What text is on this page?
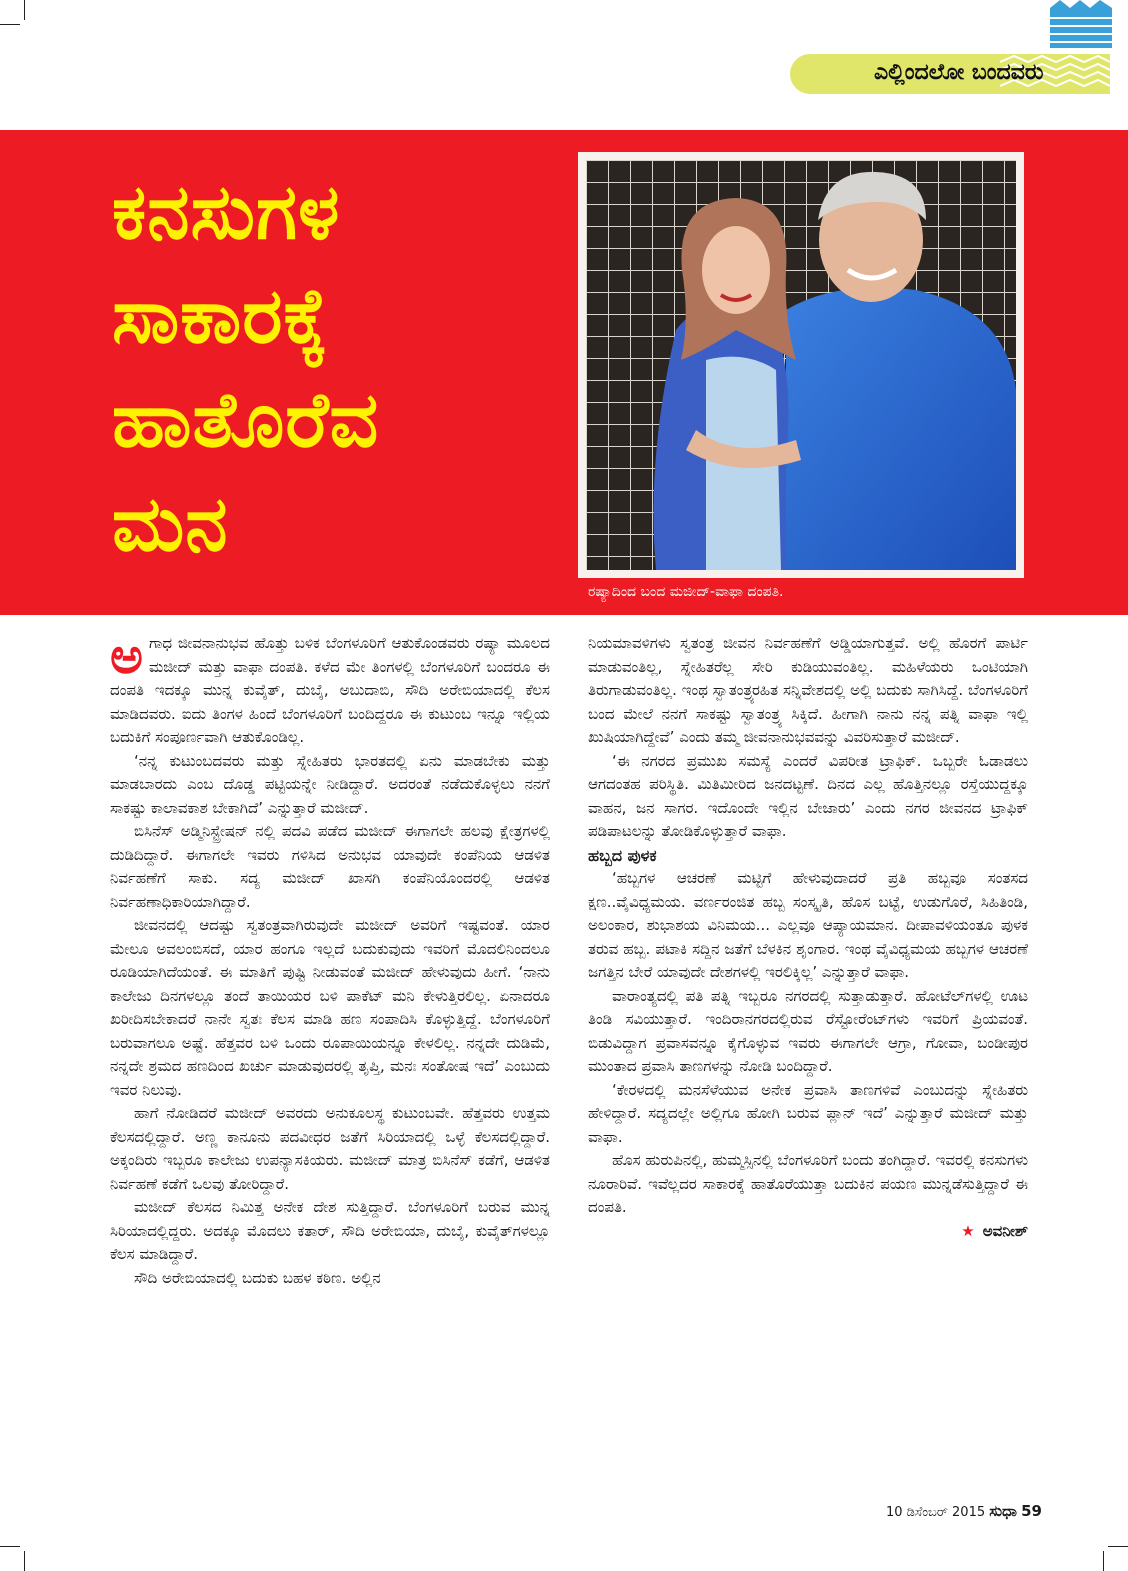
ಎಲ್ಲಿಂದಲೋ ಬಂದವರು
ಕನಸುಗಳ
ಸಾಕಾರಕ್ಕೆ
ಹಾತೊರೆವ
ಮನ
ರಷ್ಯಾದಿಂದ ಬಂದ ಮಜೀದ್-ವಾಫಾ ದಂಪತಿ.

ಅಗಾಧ ಜೀವನಾನುಭವ ಹೊತ್ತು ಬಳಿಕ ಬೆಂಗಳೂರಿಗೆ ಆತುಕೊಂಡವರು ರಷ್ಯಾ ಮೂಲದ ಮಜೀದ್ ಮತ್ತು ವಾಫಾ ದಂಪತಿ. ಕಳೆದ ಮೇ ತಿಂಗಳಲ್ಲಿ ಬೆಂಗಳೂರಿಗೆ ಬಂದರೂ ಈ ದಂಪತಿ ಇದಕ್ಕೂ ಮುನ್ನ ಕುವೈತ್, ದುಬೈ, ಅಬುದಾಬಿ, ಸೌದಿ ಅರೇಬಿಯಾದಲ್ಲಿ ಕೆಲಸ ಮಾಡಿದವರು. ಐದು ತಿಂಗಳ ಹಿಂದೆ ಬೆಂಗಳೂರಿಗೆ ಬಂದಿದ್ದರೂ ಈ ಕುಟುಂಬ ಇನ್ನೂ ಇಲ್ಲಿಯ ಬದುಕಿಗೆ ಸಂಪೂರ್ಣವಾಗಿ ಆತುಕೊಂಡಿಲ್ಲ.

‘ನನ್ನ ಕುಟುಂಬದವರು ಮತ್ತು ಸ್ನೇಹಿತರು ಭಾರತದಲ್ಲಿ ಏನು ಮಾಡಬೇಕು ಮತ್ತು ಮಾಡಬಾರದು ಎಂಬ ದೊಡ್ಡ ಪಟ್ಟಿಯನ್ನೇ ನೀಡಿದ್ದಾರೆ. ಅದರಂತೆ ನಡೆದುಕೊಳ್ಳಲು ನನಗೆ ಸಾಕಷ್ಟು ಕಾಲಾವಕಾಶ ಬೇಕಾಗಿದೆ’ ಎನ್ನುತ್ತಾರೆ ಮಜೀದ್.

ಬಿಸಿನೆಸ್ ಅಡ್ಮಿನಿಸ್ಟ್ರೇಷನ್ ನಲ್ಲಿ ಪದವಿ ಪಡೆದ ಮಜೀದ್ ಈಗಾಗಲೇ ಹಲವು ಕ್ಷೇತ್ರಗಳಲ್ಲಿ ದುಡಿದಿದ್ದಾರೆ. ಈಗಾಗಲೇ ಇವರು ಗಳಿಸಿದ ಅನುಭವ ಯಾವುದೇ ಕಂಪೆನಿಯ ಆಡಳಿತ ನಿರ್ವಹಣೆಗೆ ಸಾಕು. ಸದ್ಯ ಮಜೀದ್ ಖಾಸಗಿ ಕಂಪೆನಿಯೊಂದರಲ್ಲಿ ಆಡಳಿತ ನಿರ್ವಹಣಾಧಿಕಾರಿಯಾಗಿದ್ದಾರೆ.

ಜೀವನದಲ್ಲಿ ಆದಷ್ಟು ಸ್ವತಂತ್ರವಾಗಿರುವುದೇ ಮಜೀದ್ ಅವರಿಗೆ ಇಷ್ಟವಂತೆ. ಯಾರ ಮೇಲೂ ಅವಲಂಬಿಸದೆ, ಯಾರ ಹಂಗೂ ಇಲ್ಲದೆ ಬದುಕುವುದು ಇವರಿಗೆ ಮೊದಲಿನಿಂದಲೂ ರೂಡಿಯಾಗಿದೆಯಂತೆ. ಈ ಮಾತಿಗೆ ಪುಷ್ಟಿ ನೀಡುವಂತೆ ಮಜೀದ್ ಹೇಳುವುದು ಹೀಗೆ. ‘ನಾನು ಕಾಲೇಜು ದಿನಗಳಲ್ಲೂ ತಂದೆ ತಾಯಿಯರ ಬಳಿ ಪಾಕೆಟ್ ಮನಿ ಕೇಳುತ್ತಿರಲಿಲ್ಲ. ಏನಾದರೂ ಖರೀದಿಸಬೇಕಾದರೆ ನಾನೇ ಸ್ವತಃ ಕೆಲಸ ಮಾಡಿ ಹಣ ಸಂಪಾದಿಸಿ ಕೊಳ್ಳುತ್ತಿದ್ದೆ. ಬೆಂಗಳೂರಿಗೆ ಬರುವಾಗಲೂ ಅಷ್ಟೆ. ಹೆತ್ತವರ ಬಳಿ ಒಂದು ರೂಪಾಯಿಯನ್ನೂ ಕೇಳಲಿಲ್ಲ. ನನ್ನದೇ ದುಡಿಮೆ, ನನ್ನದೇ ಶ್ರಮದ ಹಣದಿಂದ ಖರ್ಚು ಮಾಡುವುದರಲ್ಲಿ ತೃಪ್ತಿ, ಮನಃ ಸಂತೋಷ ಇದೆ’ ಎಂಬುದು ಇವರ ನಿಲುವು.

ಹಾಗೆ ನೋಡಿದರೆ ಮಜೀದ್ ಅವರದು ಅನುಕೂಲಸ್ಥ ಕುಟುಂಬವೇ. ಹೆತ್ತವರು ಉತ್ತಮ ಕೆಲಸದಲ್ಲಿದ್ದಾರೆ. ಅಣ್ಣ ಕಾನೂನು ಪದವೀಧರ ಜತೆಗೆ ಸಿರಿಯಾದಲ್ಲಿ ಒಳ್ಳೆ ಕೆಲಸದಲ್ಲಿದ್ದಾರೆ. ಅಕ್ಕಂದಿರು ಇಬ್ಬರೂ ಕಾಲೇಜು ಉಪನ್ಯಾಸಕಿಯರು. ಮಜೀದ್ ಮಾತ್ರ ಬಿಸಿನೆಸ್ ಕಡೆಗೆ, ಆಡಳಿತ ನಿರ್ವಹಣೆ ಕಡೆಗೆ ಒಲವು ತೋರಿದ್ದಾರೆ.

ಮಜೀದ್ ಕೆಲಸದ ನಿಮಿತ್ತ ಅನೇಕ ದೇಶ ಸುತ್ತಿದ್ದಾರೆ. ಬೆಂಗಳೂರಿಗೆ ಬರುವ ಮುನ್ನ ಸಿರಿಯಾದಲ್ಲಿದ್ದರು. ಅದಕ್ಕೂ ಮೊದಲು ಕತಾರ್, ಸೌದಿ ಅರೇಬಿಯಾ, ದುಬೈ, ಕುವೈತ್‌ಗಳಲ್ಲೂ ಕೆಲಸ ಮಾಡಿದ್ದಾರೆ.

ಸೌದಿ ಅರೇಬಿಯಾದಲ್ಲಿ ಬದುಕು ಬಹಳ ಕಠಿಣ. ಅಲ್ಲಿನ

ನಿಯಮಾವಳಿಗಳು ಸ್ವತಂತ್ರ ಜೀವನ ನಿರ್ವಹಣೆಗೆ ಅಡ್ಡಿಯಾಗುತ್ತವೆ. ಅಲ್ಲಿ ಹೊರಗೆ ಪಾರ್ಟಿ ಮಾಡುವಂತಿಲ್ಲ, ಸ್ನೇಹಿತರೆಲ್ಲ ಸೇರಿ ಕುಡಿಯುವಂತಿಲ್ಲ. ಮಹಿಳೆಯರು ಒಂಟಿಯಾಗಿ ತಿರುಗಾಡುವಂತಿಲ್ಲ. ಇಂಥ ಸ್ವಾತಂತ್ರ್ಯರಹಿತ ಸನ್ನಿವೇಶದಲ್ಲಿ ಅಲ್ಲಿ ಬದುಕು ಸಾಗಿಸಿದ್ದೆ. ಬೆಂಗಳೂರಿಗೆ ಬಂದ ಮೇಲೆ ನನಗೆ ಸಾಕಷ್ಟು ಸ್ವಾತಂತ್ರ್ಯ ಸಿಕ್ಕಿದೆ. ಹೀಗಾಗಿ ನಾನು ನನ್ನ ಪತ್ನಿ ವಾಫಾ ಇಲ್ಲಿ ಖುಷಿಯಾಗಿದ್ದೇವೆ’ ಎಂದು ತಮ್ಮ ಜೀವನಾನುಭವವನ್ನು ವಿವರಿಸುತ್ತಾರೆ ಮಜೀದ್.

‘ಈ ನಗರದ ಪ್ರಮುಖ ಸಮಸ್ಯೆ ಎಂದರೆ ವಿಪರೀತ ಟ್ರಾಫಿಕ್. ಒಬ್ಬರೇ ಓಡಾಡಲು ಆಗದಂತಹ ಪರಿಸ್ಥಿತಿ. ಮಿತಿಮೀರಿದ ಜನದಟ್ಟಣೆ. ದಿನದ ಎಲ್ಲ ಹೊತ್ತಿನಲ್ಲೂ ರಸ್ತೆಯುದ್ದಕ್ಕೂ ವಾಹನ, ಜನ ಸಾಗರ. ಇದೊಂದೇ ಇಲ್ಲಿನ ಬೇಜಾರು’ ಎಂದು ನಗರ ಜೀವನದ ಟ್ರಾಫಿಕ್ ಪಡಿಪಾಟಲನ್ನು ತೋಡಿಕೊಳ್ಳುತ್ತಾರೆ ವಾಫಾ.

ಹಬ್ಬದ ಪುಳಕ

‘ಹಬ್ಬಗಳ ಆಚರಣೆ ಮಟ್ಟಿಗೆ ಹೇಳುವುದಾದರೆ ಪ್ರತಿ ಹಬ್ಬವೂ ಸಂತಸದ ಕ್ಷಣ..ವೈವಿಧ್ಯಮಯ. ವರ್ಣರಂಜಿತ ಹಬ್ಬ ಸಂಸ್ಕೃತಿ, ಹೊಸ ಬಟ್ಟೆ, ಉಡುಗೊರೆ, ಸಿಹಿತಿಂಡಿ, ಅಲಂಕಾರ, ಶುಭಾಶಯ ವಿನಿಮಯ... ಎಲ್ಲವೂ ಆಪ್ಯಾಯಮಾನ. ದೀಪಾವಳಿಯಂತೂ ಪುಳಕ ತರುವ ಹಬ್ಬ. ಪಟಾಕಿ ಸದ್ದಿನ ಜತೆಗೆ ಬೆಳಕಿನ ಶೃಂಗಾರ. ಇಂಥ ವೈವಿಧ್ಯಮಯ ಹಬ್ಬಗಳ ಆಚರಣೆ ಜಗತ್ತಿನ ಬೇರೆ ಯಾವುದೇ ದೇಶಗಳಲ್ಲಿ ಇರಲಿಕ್ಕಿಲ್ಲ’ ಎನ್ನುತ್ತಾರೆ ವಾಫಾ.

ವಾರಾಂತ್ಯದಲ್ಲಿ ಪತಿ ಪತ್ನಿ ಇಬ್ಬರೂ ನಗರದಲ್ಲಿ ಸುತ್ತಾಡುತ್ತಾರೆ. ಹೋಟೆಲ್‌ಗಳಲ್ಲಿ ಊಟ ತಿಂಡಿ ಸವಿಯುತ್ತಾರೆ. ಇಂದಿರಾನಗರದಲ್ಲಿರುವ ರೆಸ್ಟೋರೆಂಟ್‌ಗಳು ಇವರಿಗೆ ಪ್ರಿಯವಂತೆ. ಬಿಡುವಿದ್ದಾಗ ಪ್ರವಾಸವನ್ನೂ ಕೈಗೊಳ್ಳುವ ಇವರು ಈಗಾಗಲೇ ಆಗ್ರಾ, ಗೋವಾ, ಬಂಡೀಪುರ ಮುಂತಾದ ಪ್ರವಾಸಿ ತಾಣಗಳನ್ನು ನೋಡಿ ಬಂದಿದ್ದಾರೆ.

‘ಕೇರಳದಲ್ಲಿ ಮನಸೆಳೆಯುವ ಅನೇಕ ಪ್ರವಾಸಿ ತಾಣಗಳಿವೆ ಎಂಬುದನ್ನು ಸ್ನೇಹಿತರು ಹೇಳಿದ್ದಾರೆ. ಸದ್ಯದಲ್ಲೇ ಅಲ್ಲಿಗೂ ಹೋಗಿ ಬರುವ ಪ್ಲಾನ್ ಇದೆ’ ಎನ್ನುತ್ತಾರೆ ಮಜೀದ್ ಮತ್ತು ವಾಫಾ.

ಹೊಸ ಹುರುಪಿನಲ್ಲಿ, ಹುಮ್ಮಸ್ಸಿನಲ್ಲಿ ಬೆಂಗಳೂರಿಗೆ ಬಂದು ತಂಗಿದ್ದಾರೆ. ಇವರಲ್ಲಿ ಕನಸುಗಳು ನೂರಾರಿವೆ. ಇವೆಲ್ಲದರ ಸಾಕಾರಕ್ಕೆ ಹಾತೊರೆಯುತ್ತಾ ಬದುಕಿನ ಪಯಣ ಮುನ್ನಡೆಸುತ್ತಿದ್ದಾರೆ ಈ ದಂಪತಿ.

★ ಅವನೀಶ್

10 ಡಿಸೆಂಬರ್ 2015 ಸುಧಾ 59
